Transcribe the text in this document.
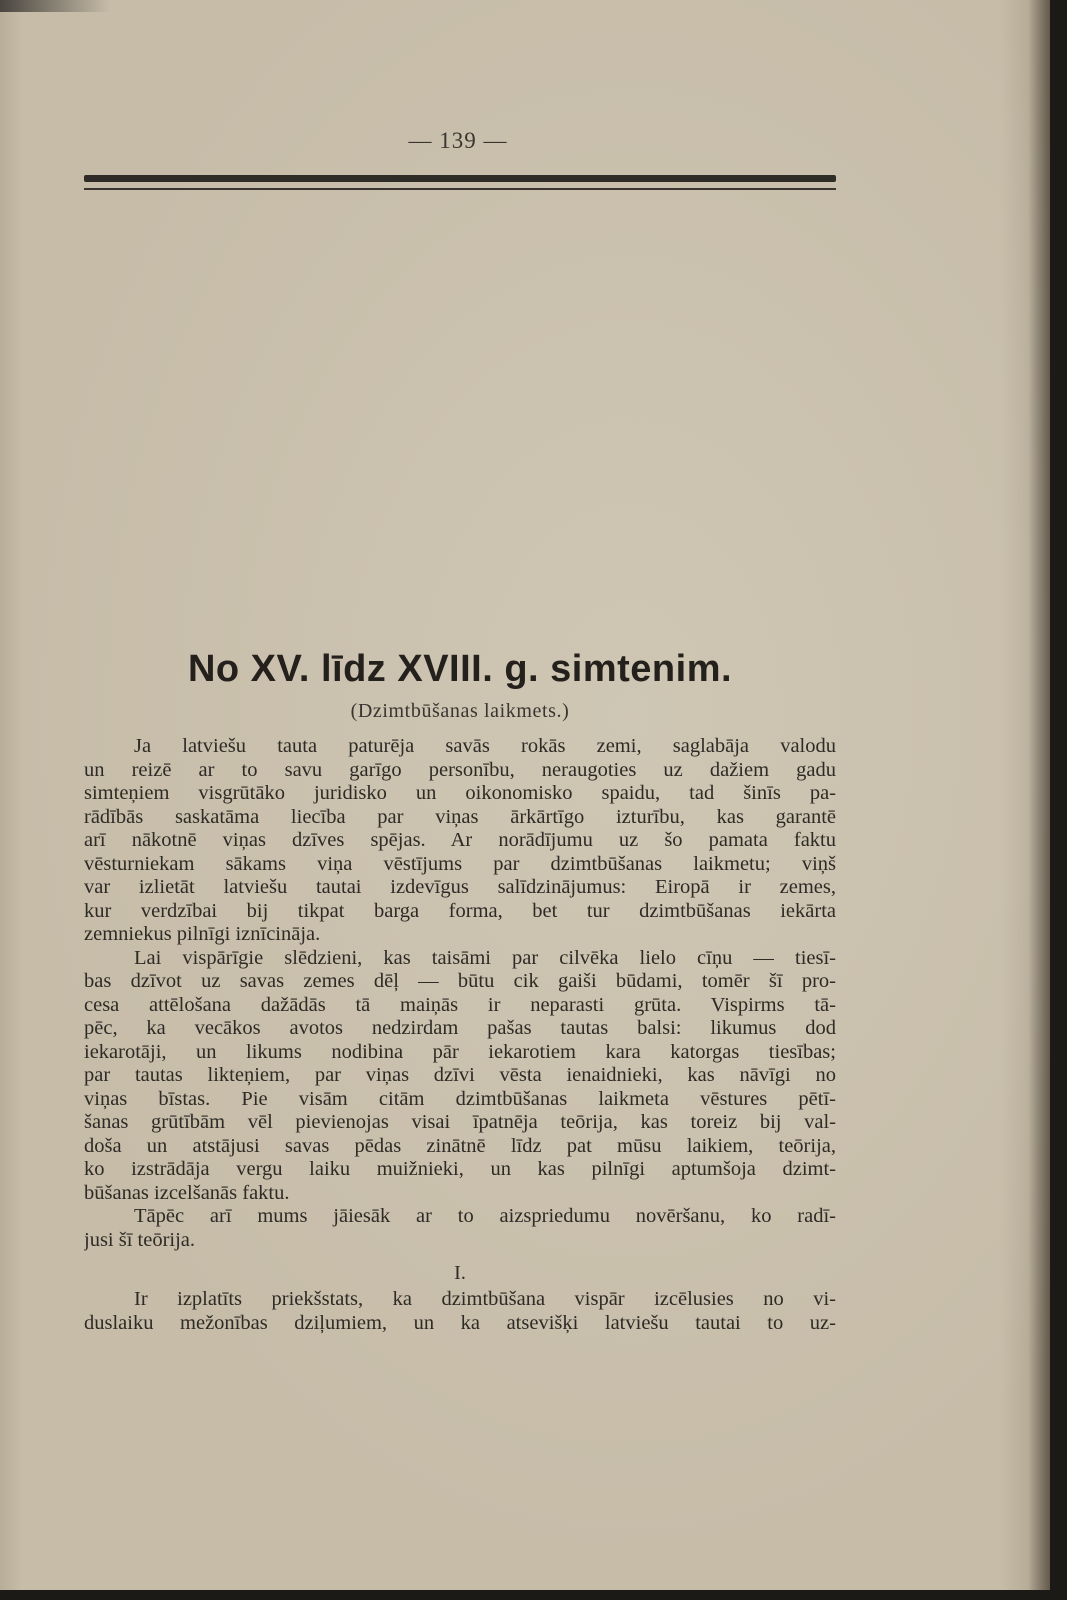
— 139 —
No XV. līdz XVIII. g. simtenim.
(Dzimtbūšanas laikmets.)
Ja latviešu tauta paturēja savās rokās zemi, saglabāja valodu
un reizē ar to savu garīgo personību, neraugoties uz dažiem gadu
simteņiem visgrūtāko juridisko un oikonomisko spaidu, tad šinīs pa-
rādībās saskatāma liecība par viņas ārkārtīgo izturību, kas garantē
arī nākotnē viņas dzīves spējas. Ar norādījumu uz šo pamata faktu
vēsturniekam sākams viņa vēstījums par dzimtbūšanas laikmetu; viņš
var izlietāt latviešu tautai izdevīgus salīdzinājumus: Eiropā ir zemes,
kur verdzībai bij tikpat barga forma, bet tur dzimtbūšanas iekārta
zemniekus pilnīgi iznīcināja.
Lai vispārīgie slēdzieni, kas taisāmi par cilvēka lielo cīņu — tiesī-
bas dzīvot uz savas zemes dēļ — būtu cik gaiši būdami, tomēr šī pro-
cesa attēlošana dažādās tā maiņās ir neparasti grūta. Vispirms tā-
pēc, ka vecākos avotos nedzirdam pašas tautas balsi: likumus dod
iekarotāji, un likums nodibina pār iekarotiem kara katorgas tiesības;
par tautas likteņiem, par viņas dzīvi vēsta ienaidnieki, kas nāvīgi no
viņas bīstas. Pie visām citām dzimtbūšanas laikmeta vēstures pētī-
šanas grūtībām vēl pievienojas visai īpatnēja teōrija, kas toreiz bij val-
doša un atstājusi savas pēdas zinātnē līdz pat mūsu laikiem, teōrija,
ko izstrādāja vergu laiku muižnieki, un kas pilnīgi aptumšoja dzimt-
būšanas izcelšanās faktu.
Tāpēc arī mums jāiesāk ar to aizspriedumu novēršanu, ko radī-
jusi šī teōrija.
I.
Ir izplatīts priekšstats, ka dzimtbūšana vispār izcēlusies no vi-
duslaiku mežonības dziļumiem, un ka atsevišķi latviešu tautai to uz-
